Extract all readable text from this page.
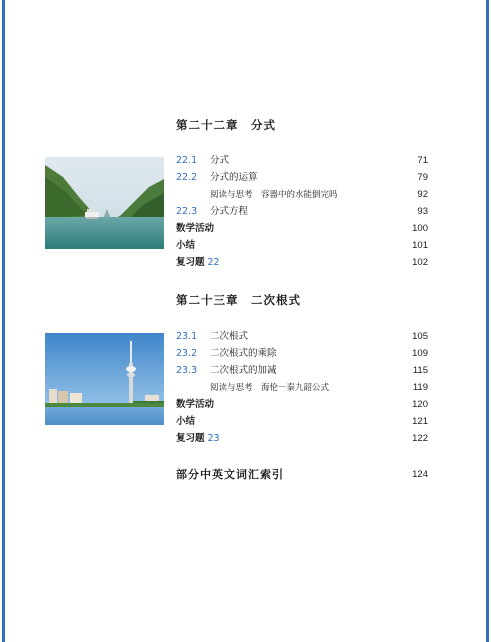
第二十二章　分式
22.1 分式	71
22.2 分式的运算	79
阅读与思考　容器中的水能倒完吗	92
22.3 分式方程	93
数学活动	100
小结	101
复习题 22	102
第二十三章　二次根式
23.1 二次根式	105
23.2 二次根式的乘除	109
23.3 二次根式的加减	115
阅读与思考　海伦－秦九韶公式	119
数学活动	120
小结	121
复习题 23	122
部分中英文词汇索引	124
